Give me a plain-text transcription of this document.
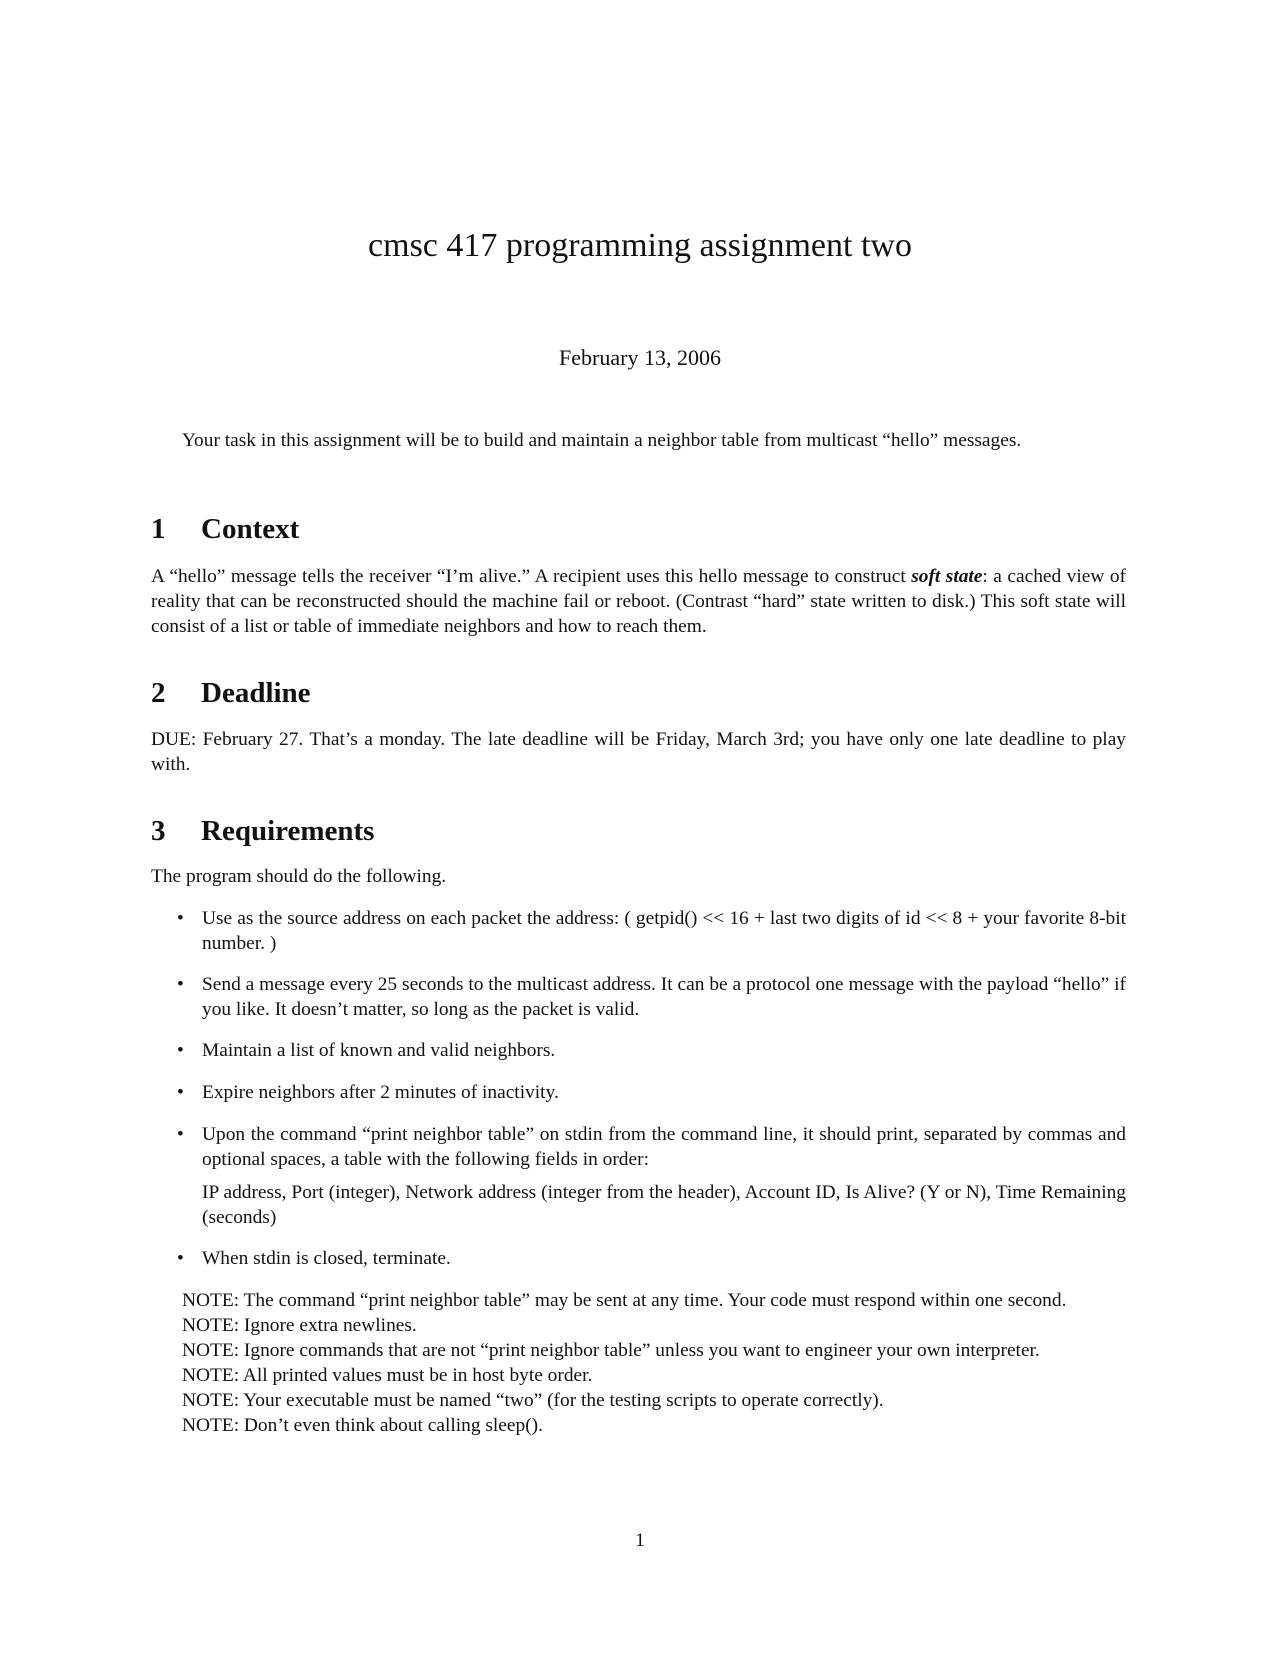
cmsc 417 programming assignment two
February 13, 2006

Your task in this assignment will be to build and maintain a neighbor table from multicast “hello” messages.

1 Context

A “hello” message tells the receiver “I’m alive.” A recipient uses this hello message to construct soft state: a cached view of reality that can be reconstructed should the machine fail or reboot. (Contrast “hard” state written to disk.) This soft state will consist of a list or table of immediate neighbors and how to reach them.

2 Deadline

DUE: February 27. That’s a monday. The late deadline will be Friday, March 3rd; you have only one late deadline to play with.

3 Requirements

The program should do the following.

• Use as the source address on each packet the address: ( getpid() << 16 + last two digits of id << 8 + your favorite 8-bit number. )
• Send a message every 25 seconds to the multicast address. It can be a protocol one message with the payload “hello” if you like. It doesn’t matter, so long as the packet is valid.
• Maintain a list of known and valid neighbors.
• Expire neighbors after 2 minutes of inactivity.
• Upon the command “print neighbor table” on stdin from the command line, it should print, separated by commas and optional spaces, a table with the following fields in order:
IP address, Port (integer), Network address (integer from the header), Account ID, Is Alive? (Y or N), Time Remaining (seconds)
• When stdin is closed, terminate.

NOTE: The command “print neighbor table” may be sent at any time. Your code must respond within one second.

NOTE: Ignore extra newlines.

NOTE: Ignore commands that are not “print neighbor table” unless you want to engineer your own interpreter.

NOTE: All printed values must be in host byte order.

NOTE: Your executable must be named “two” (for the testing scripts to operate correctly).

NOTE: Don’t even think about calling sleep().

1
